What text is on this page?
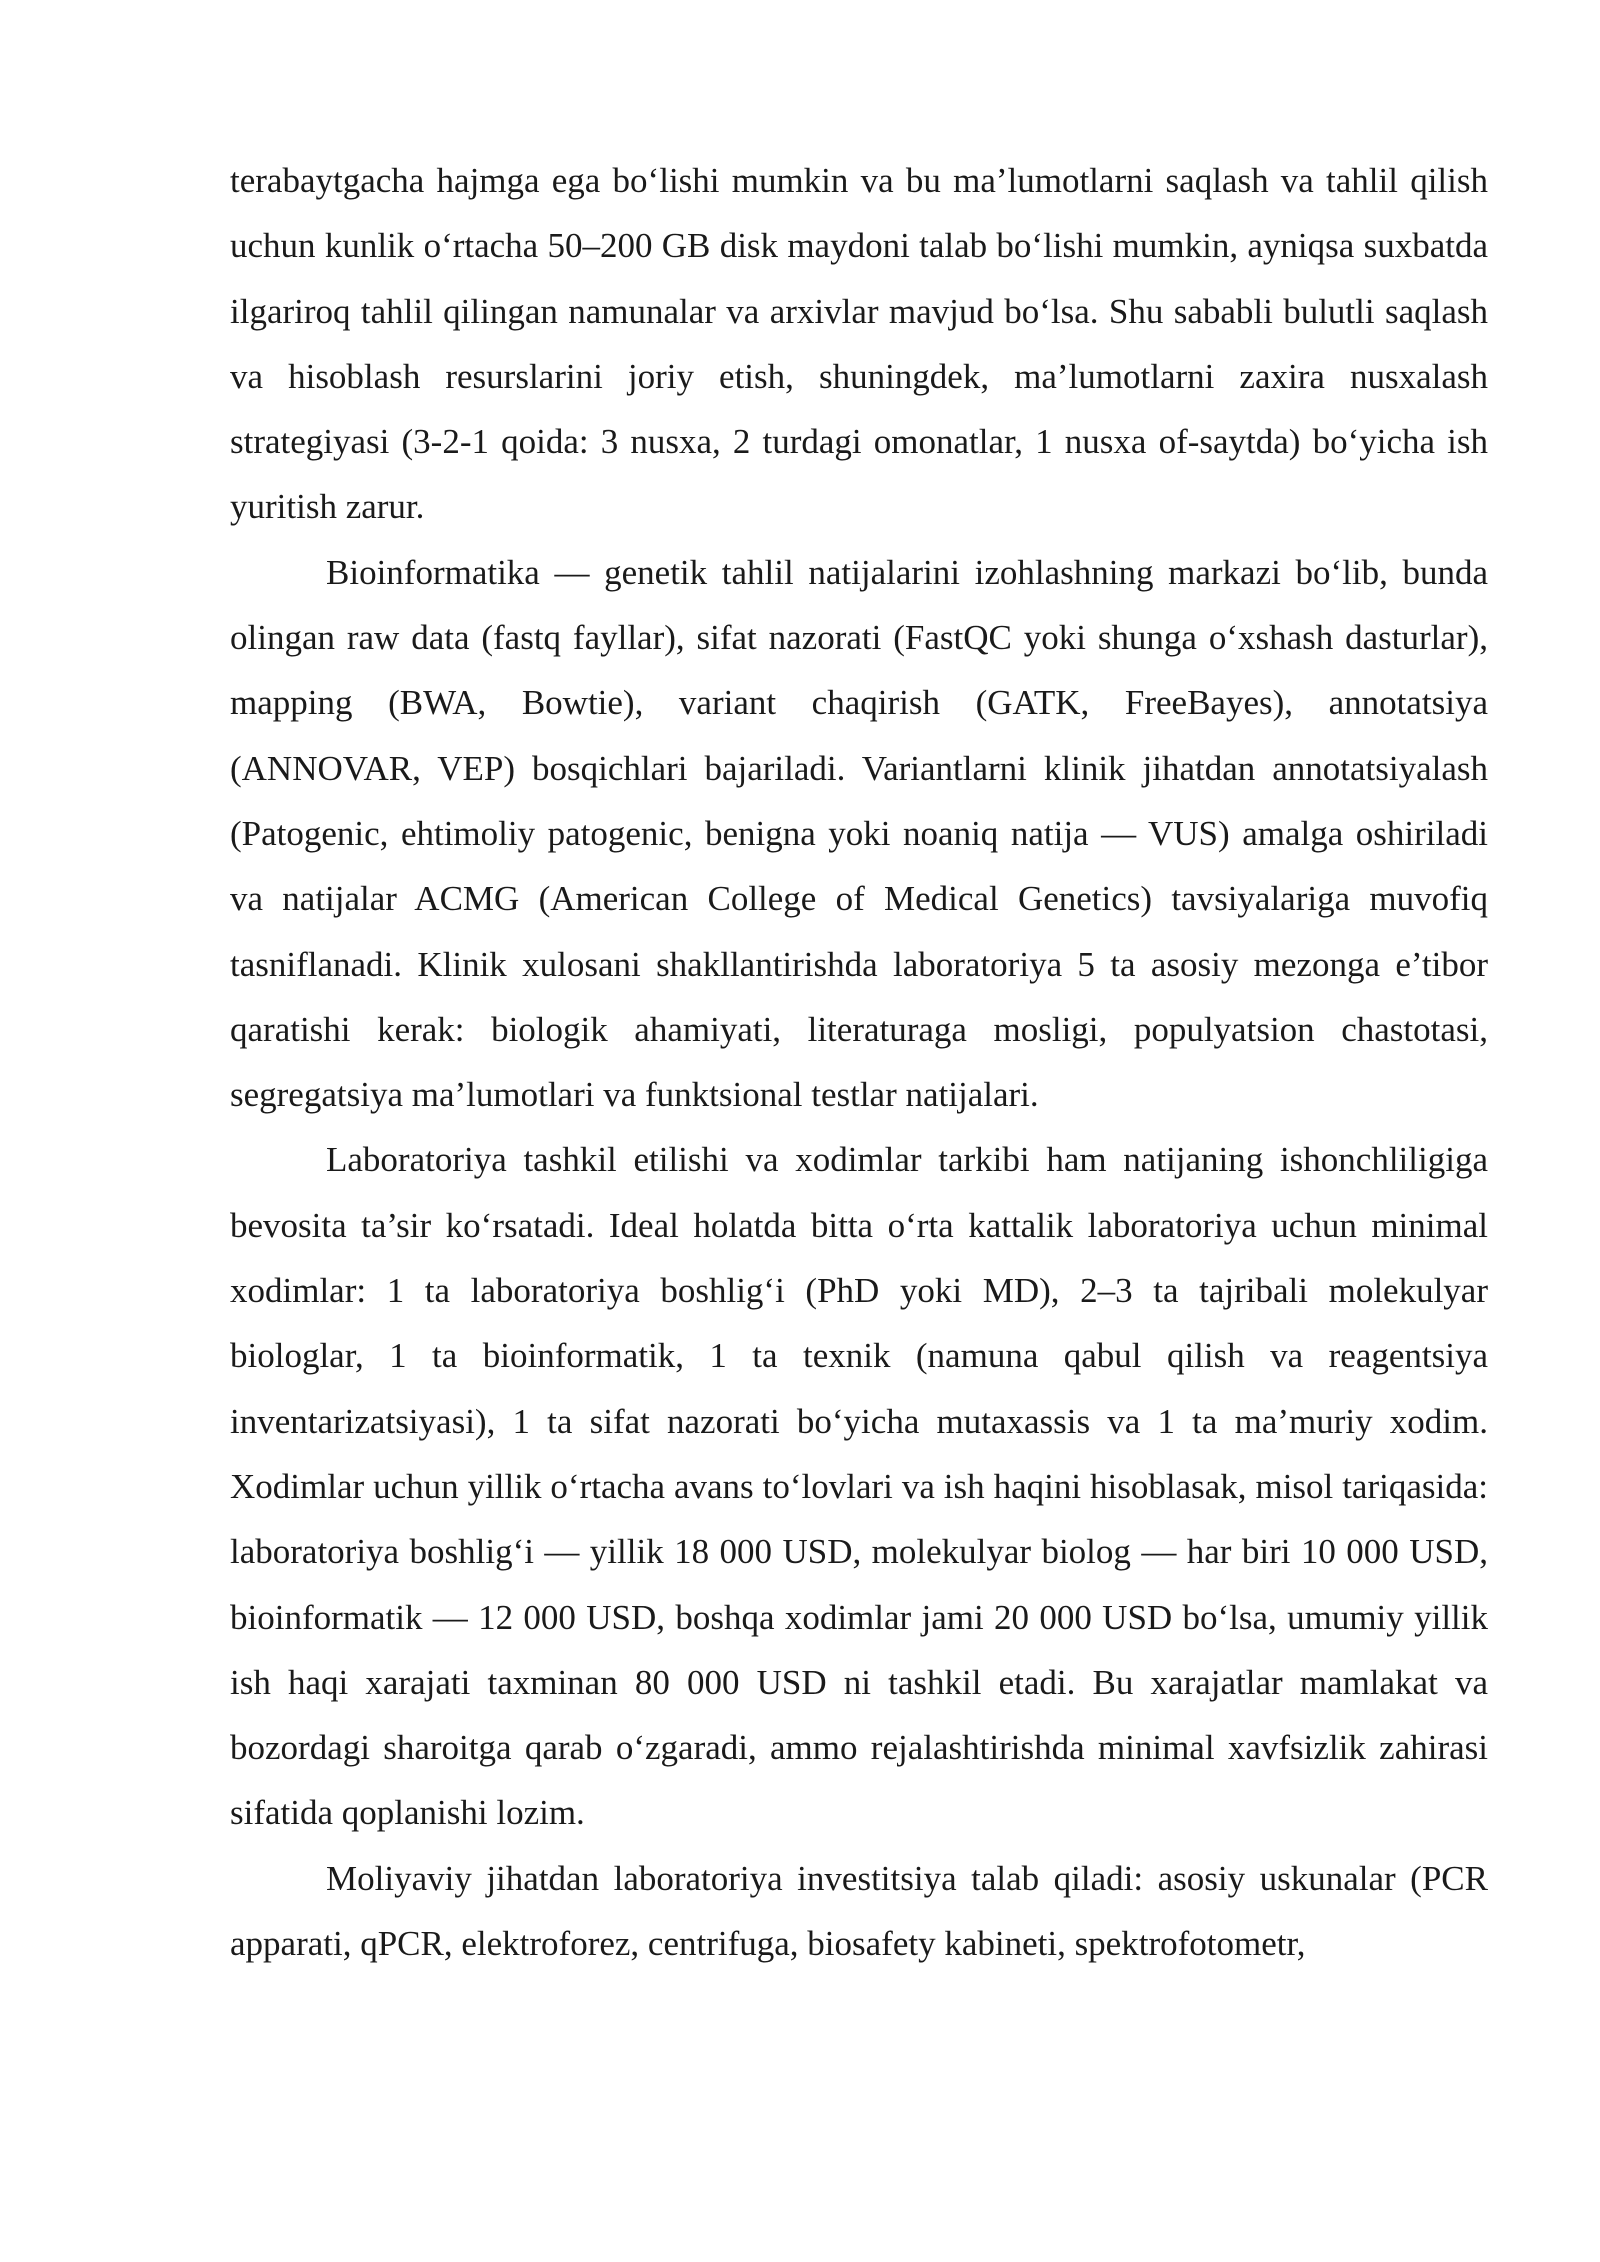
terabaytgacha hajmga ega bo‘lishi mumkin va bu ma’lumotlarni saqlash va tahlil qilish uchun kunlik o‘rtacha 50–200 GB disk maydoni talab bo‘lishi mumkin, ayniqsa suxbatda ilgariroq tahlil qilingan namunalar va arxivlar mavjud bo‘lsa. Shu sababli bulutli saqlash va hisoblash resurslarini joriy etish, shuningdek, ma’lumotlarni zaxira nusxalash strategiyasi (3-2-1 qoida: 3 nusxa, 2 turdagi omonatlar, 1 nusxa of-saytda) bo‘yicha ish yuritish zarur.

Bioinformatika — genetik tahlil natijalarini izohlashning markazi bo‘lib, bunda olingan raw data (fastq fayllar), sifat nazorati (FastQC yoki shunga o‘xshash dasturlar), mapping (BWA, Bowtie), variant chaqirish (GATK, FreeBayes), annotatsiya (ANNOVAR, VEP) bosqichlari bajariladi. Variantlarni klinik jihatdan annotatsiyalash (Patogenic, ehtimoliy patogenic, benigna yoki noaniq natija — VUS) amalga oshiriladi va natijalar ACMG (American College of Medical Genetics) tavsiyalariga muvofiq tasniflanadi. Klinik xulosani shakllantirishda laboratoriya 5 ta asosiy mezonga e’tibor qaratishi kerak: biologik ahamiyati, literaturaga mosligi, populyatsion chastotasi, segregatsiya ma’lumotlari va funktsional testlar natijalari.

Laboratoriya tashkil etilishi va xodimlar tarkibi ham natijaning ishonchliligiga bevosita ta’sir ko‘rsatadi. Ideal holatda bitta o‘rta kattalik laboratoriya uchun minimal xodimlar: 1 ta laboratoriya boshlig‘i (PhD yoki MD), 2–3 ta tajribali molekulyar biologlar, 1 ta bioinformatik, 1 ta texnik (namuna qabul qilish va reagentsiya inventarizatsiyasi), 1 ta sifat nazorati bo‘yicha mutaxassis va 1 ta ma’muriy xodim. Xodimlar uchun yillik o‘rtacha avans to‘lovlari va ish haqini hisoblasak, misol tariqasida: laboratoriya boshlig‘i — yillik 18 000 USD, molekulyar biolog — har biri 10 000 USD, bioinformatik — 12 000 USD, boshqa xodimlar jami 20 000 USD bo‘lsa, umumiy yillik ish haqi xarajati taxminan 80 000 USD ni tashkil etadi. Bu xarajatlar mamlakat va bozordagi sharoitga qarab o‘zgaradi, ammo rejalashtirishda minimal xavfsizlik zahirasi sifatida qoplanishi lozim.

Moliyaviy jihatdan laboratoriya investitsiya talab qiladi: asosiy uskunalar (PCR apparati, qPCR, elektroforez, centrifuga, biosafety kabineti, spektrofotometr,
